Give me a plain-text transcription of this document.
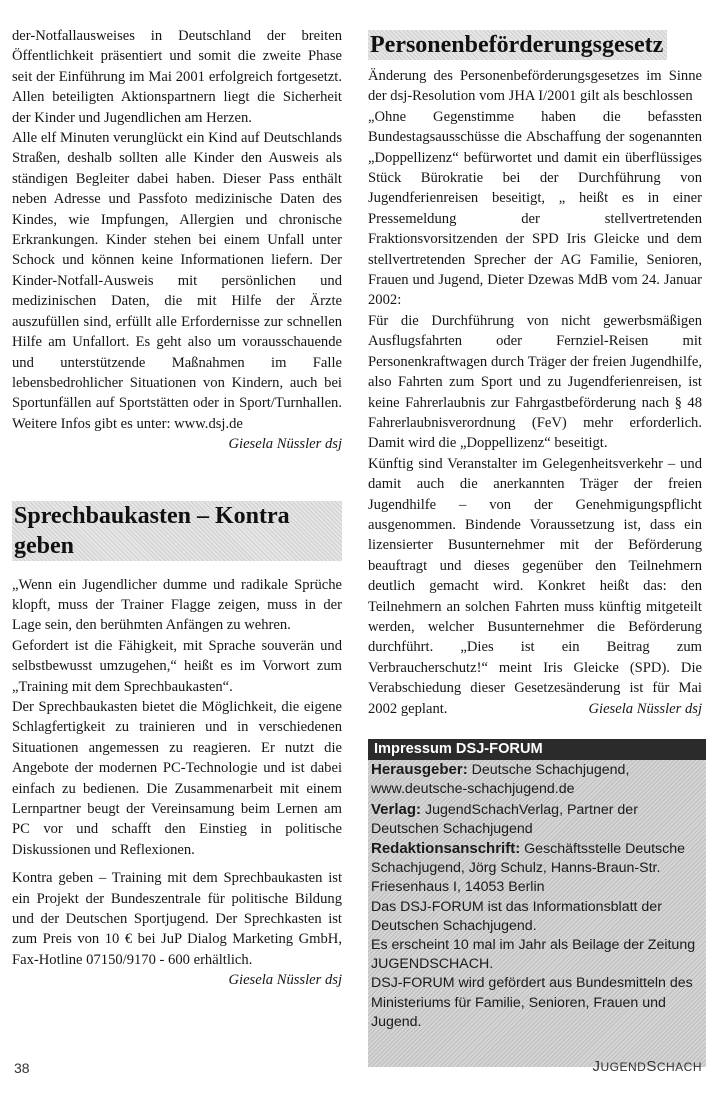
der-Notfallausweises in Deutschland der breiten Öffentlichkeit präsentiert und somit die zweite Phase seit der Einführung im Mai 2001 erfolgreich fortgesetzt. Allen beteiligten Aktionspartnern liegt die Sicherheit der Kinder und Jugendlichen am Herzen.

Alle elf Minuten verunglückt ein Kind auf Deutschlands Straßen, deshalb sollten alle Kinder den Ausweis als ständigen Begleiter dabei haben. Dieser Pass enthält neben Adresse und Passfoto medizinische Daten des Kindes, wie Impfungen, Allergien und chronische Erkrankungen. Kinder stehen bei einem Unfall unter Schock und können keine Informationen liefern. Der Kinder-Notfall-Ausweis mit persönlichen und medizinischen Daten, die mit Hilfe der Ärzte auszufüllen sind, erfüllt alle Erfordernisse zur schnellen Hilfe am Unfallort. Es geht also um vorausschauende und unterstützende Maßnahmen im Falle lebensbedrohlicher Situationen von Kindern, auch bei Sportunfällen auf Sportstätten oder in Sport/Turnhallen. Weitere Infos gibt es unter: www.dsj.de
Giesela Nüssler dsj

Sprechbaukasten – Kontra geben

„Wenn ein Jugendlicher dumme und radikale Sprüche klopft, muss der Trainer Flagge zeigen, muss in der Lage sein, den berühmten Anfängen zu wehren.

Gefordert ist die Fähigkeit, mit Sprache souverän und selbstbewusst umzugehen,“ heißt es im Vorwort zum „Training mit dem Sprechbaukasten“.

Der Sprechbaukasten bietet die Möglichkeit, die eigene Schlagfertigkeit zu trainieren und in verschiedenen Situationen angemessen zu reagieren. Er nutzt die Angebote der modernen PC-Technologie und ist dabei einfach zu bedienen. Die Zusammenarbeit mit einem Lernpartner beugt der Vereinsamung beim Lernen am PC vor und schafft den Einstieg in politische Diskussionen und Reflexionen.

Kontra geben – Training mit dem Sprechbaukasten ist ein Projekt der Bundeszentrale für politische Bildung und der Deutschen Sportjugend. Der Sprechkasten ist zum Preis von 10 € bei JuP Dialog Marketing GmbH, Fax-Hotline 07150/9170 - 600 erhältlich.
Giesela Nüssler dsj

Personenbeförderungsgesetz

Änderung des Personenbeförderungsgesetzes im Sinne der dsj-Resolution vom JHA I/2001 gilt als beschlossen

„Ohne Gegenstimme haben die befassten Bundestagsausschüsse die Abschaffung der sogenannten „Doppellizenz“ befürwortet und damit ein überflüssiges Stück Bürokratie bei der Durchführung von Jugendferienreisen beseitigt, „ heißt es in einer Pressemeldung der stellvertretenden Fraktionsvorsitzenden der SPD Iris Gleicke und dem stellvertretenden Sprecher der AG Familie, Senioren, Frauen und Jugend, Dieter Dzewas MdB vom 24. Januar 2002:

Für die Durchführung von nicht gewerbsmäßigen Ausflugsfahrten oder Fernziel-Reisen mit Personenkraftwagen durch Träger der freien Jugendhilfe, also Fahrten zum Sport und zu Jugendferienreisen, ist keine Fahrerlaubnis zur Fahrgastbeförderung nach § 48 Fahrerlaubnisverordnung (FeV) mehr erforderlich. Damit wird die „Doppellizenz“ beseitigt.

Künftig sind Veranstalter im Gelegenheitsverkehr – und damit auch die anerkannten Träger der freien Jugendhilfe – von der Genehmigungspflicht ausgenommen. Bindende Voraussetzung ist, dass ein lizensierter Busunternehmer mit der Beförderung beauftragt und dieses gegenüber den Teilnehmern deutlich gemacht wird. Konkret heißt das: den Teilnehmern an solchen Fahrten muss künftig mitgeteilt werden, welcher Busunternehmer die Beförderung durchführt. „Dies ist ein Beitrag zum Verbraucherschutz!“ meint Iris Gleicke (SPD). Die Verabschiedung dieser Gesetzesänderung ist für Mai 2002 geplant.	Giesela Nüssler dsj

Impressum DSJ-FORUM

Herausgeber: Deutsche Schachjugend, www.deutsche-schachjugend.de

Verlag: JugendSchachVerlag, Partner der Deutschen Schachjugend

Redaktionsanschrift: Geschäftsstelle Deutsche Schachjugend, Jörg Schulz, Hanns-Braun-Str. Friesenhaus I, 14053 Berlin

Das DSJ-FORUM ist das Informationsblatt der Deutschen Schachjugend.

Es erscheint 10 mal im Jahr als Beilage der Zeitung JUGENDSCHACH.

DSJ-FORUM wird gefördert aus Bundesmitteln des Ministeriums für Familie, Senioren, Frauen und Jugend.

38	JUGENDSCHACH
